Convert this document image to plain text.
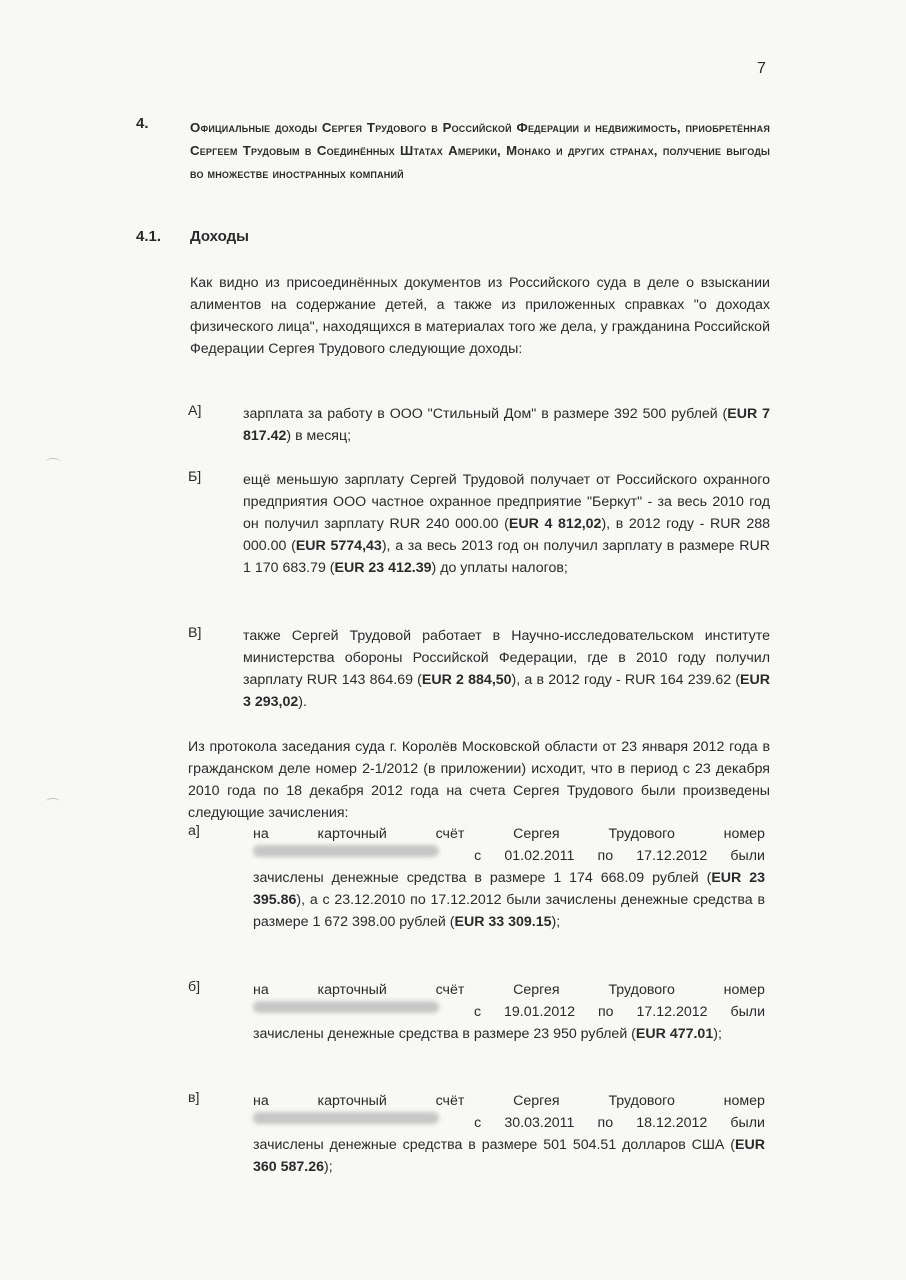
7
4.	Официальные доходы Сергея Трудового в Российской Федерации и недвижимость, приобретённая Сергеем Трудовым в Соединённых Штатах Америки, Монако и других странах, получение выгоды во множестве иностранных компаний
4.1. Доходы
Как видно из присоединённых документов из Российского суда в деле о взыскании алиментов на содержание детей, а также из приложенных справках "о доходах физического лица", находящихся в материалах того же дела, у гражданина Российской Федерации Сергея Трудового следующие доходы:
А]	зарплата за работу в ООО "Стильный Дом" в размере 392 500 рублей (EUR 7 817.42) в месяц;
Б]	ещё меньшую зарплату Сергей Трудовой получает от Российского охранного предприятия ООО частное охранное предприятие "Беркут" - за весь 2010 год он получил зарплату RUR 240 000.00 (EUR 4 812,02), в 2012 году - RUR 288 000.00 (EUR 5774,43), а за весь 2013 год он получил зарплату в размере RUR 1 170 683.79 (EUR 23 412.39) до уплаты налогов;
В]	также Сергей Трудовой работает в Научно-исследовательском институте министерства обороны Российской Федерации, где в 2010 году получил зарплату RUR 143 864.69 (EUR 2 884,50), а в 2012 году - RUR 164 239.62 (EUR 3 293,02).
Из протокола заседания суда г. Королёв Московской области от 23 января 2012 года в гражданском деле номер 2-1/2012 (в приложении) исходит, что в период с 23 декабря 2010 года по 18 декабря 2012 года на счета Сергея Трудового были произведены следующие зачисления:
а]	на	карточный	счёт	Сергея	Трудового	номер
с 01.02.2011 по 17.12.2012 были
зачислены денежные средства в размере 1 174 668.09 рублей (EUR 23 395.86), а с 23.12.2010 по 17.12.2012 были зачислены денежные средства в размере 1 672 398.00 рублей (EUR 33 309.15);
б]	на	карточный	счёт	Сергея	Трудового	номер
с 19.01.2012 по 17.12.2012 были
зачислены денежные средства в размере 23 950 рублей (EUR 477.01);
в]	на	карточный	счёт	Сергея	Трудового	номер
с 30.03.2011 по 18.12.2012 были
зачислены денежные средства в размере 501 504.51 долларов США (EUR 360 587.26);
